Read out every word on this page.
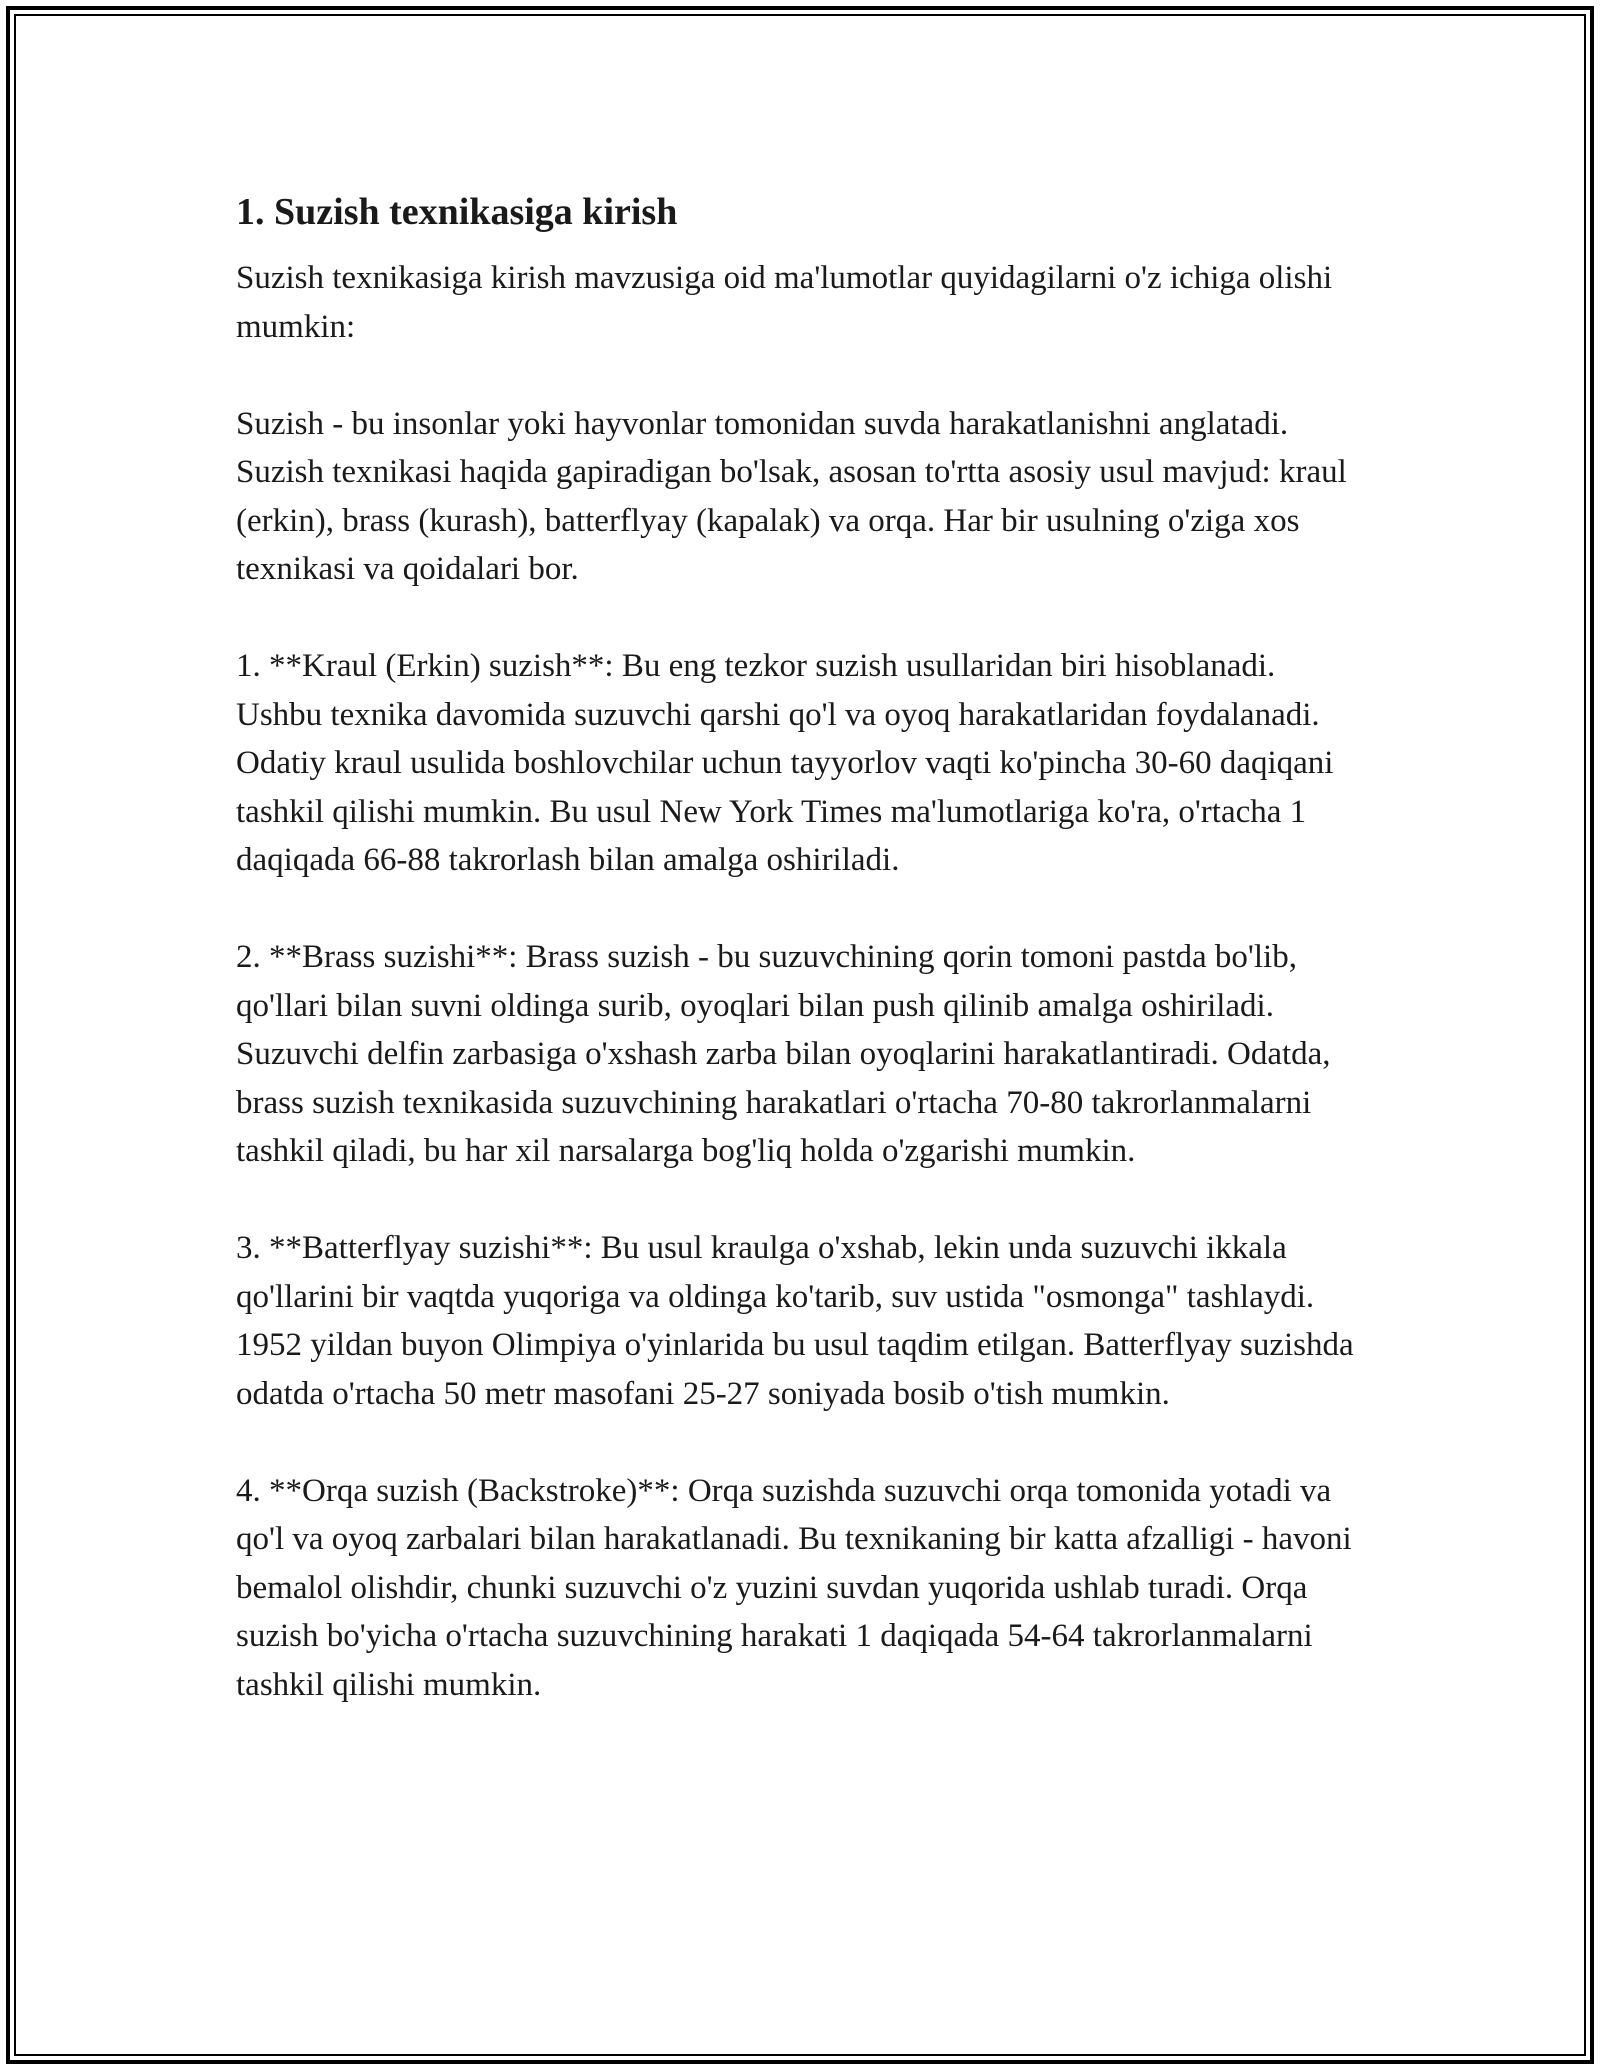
1. Suzish texnikasiga kirish

Suzish texnikasiga kirish mavzusiga oid ma'lumotlar quyidagilarni o'z ichiga olishi mumkin:

Suzish - bu insonlar yoki hayvonlar tomonidan suvda harakatlanishni anglatadi. Suzish texnikasi haqida gapiradigan bo'lsak, asosan to'rtta asosiy usul mavjud: kraul (erkin), brass (kurash), batterflyay (kapalak) va orqa. Har bir usulning o'ziga xos texnikasi va qoidalari bor.

1. **Kraul (Erkin) suzish**: Bu eng tezkor suzish usullaridan biri hisoblanadi. Ushbu texnika davomida suzuvchi qarshi qo'l va oyoq harakatlaridan foydalanadi. Odatiy kraul usulida boshlovchilar uchun tayyorlov vaqti ko'pincha 30-60 daqiqani tashkil qilishi mumkin. Bu usul New York Times ma'lumotlariga ko'ra, o'rtacha 1 daqiqada 66-88 takrorlash bilan amalga oshiriladi.

2. **Brass suzishi**: Brass suzish - bu suzuvchining qorin tomoni pastda bo'lib, qo'llari bilan suvni oldinga surib, oyoqlari bilan push qilinib amalga oshiriladi. Suzuvchi delfin zarbasiga o'xshash zarba bilan oyoqlarini harakatlantiradi. Odatda, brass suzish texnikasida suzuvchining harakatlari o'rtacha 70-80 takrorlanmalarni tashkil qiladi, bu har xil narsalarga bog'liq holda o'zgarishi mumkin.

3. **Batterflyay suzishi**: Bu usul kraulga o'xshab, lekin unda suzuvchi ikkala qo'llarini bir vaqtda yuqoriga va oldinga ko'tarib, suv ustida "osmonga" tashlaydi. 1952 yildan buyon Olimpiya o'yinlarida bu usul taqdim etilgan. Batterflyay suzishda odatda o'rtacha 50 metr masofani 25-27 soniyada bosib o'tish mumkin.

4. **Orqa suzish (Backstroke)**: Orqa suzishda suzuvchi orqa tomonida yotadi va qo'l va oyoq zarbalari bilan harakatlanadi. Bu texnikaning bir katta afzalligi - havoni bemalol olishdir, chunki suzuvchi o'z yuzini suvdan yuqorida ushlab turadi. Orqa suzish bo'yicha o'rtacha suzuvchining harakati 1 daqiqada 54-64 takrorlanmalarni tashkil qilishi mumkin.
